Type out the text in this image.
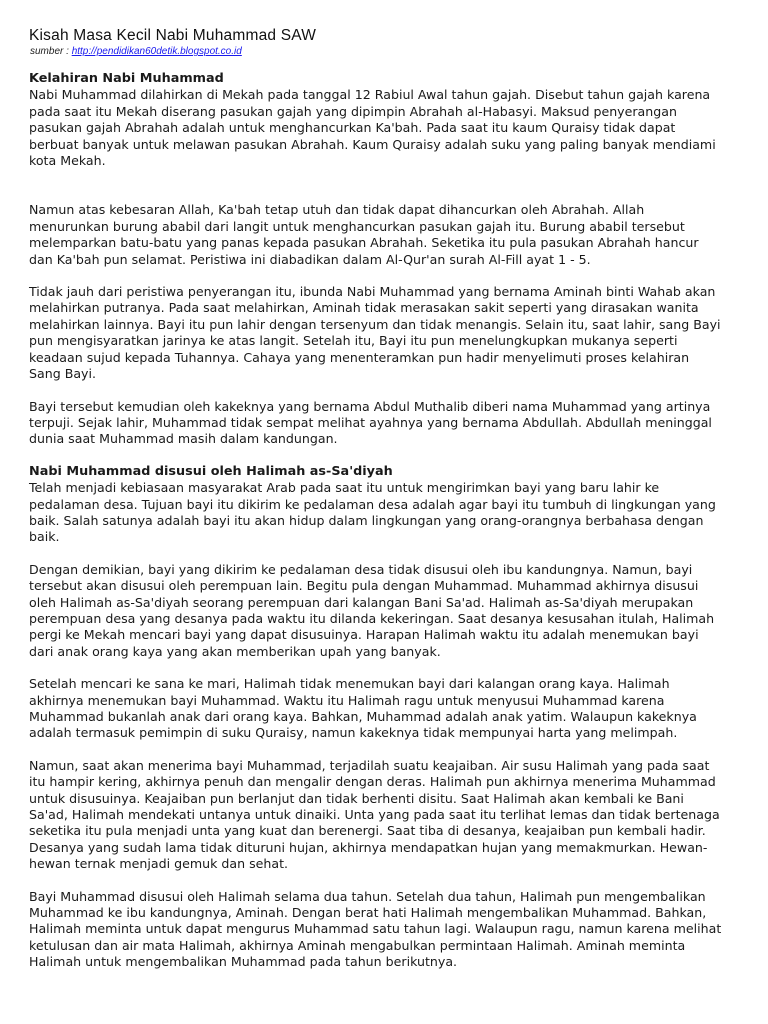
Kisah Masa Kecil Nabi Muhammad SAW
sumber : http://pendidikan60detik.blogspot.co.id
Kelahiran Nabi Muhammad

Nabi Muhammad dilahirkan di Mekah pada tanggal 12 Rabiul Awal tahun gajah. Disebut tahun gajah karena
pada saat itu Mekah diserang pasukan gajah yang dipimpin Abrahah al-Habasyi. Maksud penyerangan
pasukan gajah Abrahah adalah untuk menghancurkan Ka'bah. Pada saat itu kaum Quraisy tidak dapat
berbuat banyak untuk melawan pasukan Abrahah. Kaum Quraisy adalah suku yang paling banyak mendiami
kota Mekah.

Namun atas kebesaran Allah, Ka'bah tetap utuh dan tidak dapat dihancurkan oleh Abrahah. Allah
menurunkan burung ababil dari langit untuk menghancurkan pasukan gajah itu. Burung ababil tersebut
melemparkan batu-batu yang panas kepada pasukan Abrahah. Seketika itu pula pasukan Abrahah hancur
dan Ka'bah pun selamat. Peristiwa ini diabadikan dalam Al-Qur'an surah Al-Fill ayat 1 - 5.

Tidak jauh dari peristiwa penyerangan itu, ibunda Nabi Muhammad yang bernama Aminah binti Wahab akan
melahirkan putranya. Pada saat melahirkan, Aminah tidak merasakan sakit seperti yang dirasakan wanita
melahirkan lainnya. Bayi itu pun lahir dengan tersenyum dan tidak menangis. Selain itu, saat lahir, sang Bayi
pun mengisyaratkan jarinya ke atas langit. Setelah itu, Bayi itu pun menelungkupkan mukanya seperti
keadaan sujud kepada Tuhannya. Cahaya yang menenteramkan pun hadir menyelimuti proses kelahiran
Sang Bayi.

Bayi tersebut kemudian oleh kakeknya yang bernama Abdul Muthalib diberi nama Muhammad yang artinya
terpuji. Sejak lahir, Muhammad tidak sempat melihat ayahnya yang bernama Abdullah. Abdullah meninggal
dunia saat Muhammad masih dalam kandungan.

Nabi Muhammad disusui oleh Halimah as-Sa'diyah

Telah menjadi kebiasaan masyarakat Arab pada saat itu untuk mengirimkan bayi yang baru lahir ke
pedalaman desa. Tujuan bayi itu dikirim ke pedalaman desa adalah agar bayi itu tumbuh di lingkungan yang
baik. Salah satunya adalah bayi itu akan hidup dalam lingkungan yang orang-orangnya berbahasa dengan
baik.

Dengan demikian, bayi yang dikirim ke pedalaman desa tidak disusui oleh ibu kandungnya. Namun, bayi
tersebut akan disusui oleh perempuan lain. Begitu pula dengan Muhammad. Muhammad akhirnya disusui
oleh Halimah as-Sa'diyah seorang perempuan dari kalangan Bani Sa'ad. Halimah as-Sa'diyah merupakan
perempuan desa yang desanya pada waktu itu dilanda kekeringan. Saat desanya kesusahan itulah, Halimah
pergi ke Mekah mencari bayi yang dapat disusuinya. Harapan Halimah waktu itu adalah menemukan bayi
dari anak orang kaya yang akan memberikan upah yang banyak.

Setelah mencari ke sana ke mari, Halimah tidak menemukan bayi dari kalangan orang kaya. Halimah
akhirnya menemukan bayi Muhammad. Waktu itu Halimah ragu untuk menyusui Muhammad karena
Muhammad bukanlah anak dari orang kaya. Bahkan, Muhammad adalah anak yatim. Walaupun kakeknya
adalah termasuk pemimpin di suku Quraisy, namun kakeknya tidak mempunyai harta yang melimpah.

Namun, saat akan menerima bayi Muhammad, terjadilah suatu keajaiban. Air susu Halimah yang pada saat
itu hampir kering, akhirnya penuh dan mengalir dengan deras. Halimah pun akhirnya menerima Muhammad
untuk disusuinya. Keajaiban pun berlanjut dan tidak berhenti disitu. Saat Halimah akan kembali ke Bani
Sa'ad, Halimah mendekati untanya untuk dinaiki. Unta yang pada saat itu terlihat lemas dan tidak bertenaga
seketika itu pula menjadi unta yang kuat dan berenergi. Saat tiba di desanya, keajaiban pun kembali hadir.
Desanya yang sudah lama tidak dituruni hujan, akhirnya mendapatkan hujan yang memakmurkan. Hewan-
hewan ternak menjadi gemuk dan sehat.

Bayi Muhammad disusui oleh Halimah selama dua tahun. Setelah dua tahun, Halimah pun mengembalikan
Muhammad ke ibu kandungnya, Aminah. Dengan berat hati Halimah mengembalikan Muhammad. Bahkan,
Halimah meminta untuk dapat mengurus Muhammad satu tahun lagi. Walaupun ragu, namun karena melihat
ketulusan dan air mata Halimah, akhirnya Aminah mengabulkan permintaan Halimah. Aminah meminta
Halimah untuk mengembalikan Muhammad pada tahun berikutnya.
